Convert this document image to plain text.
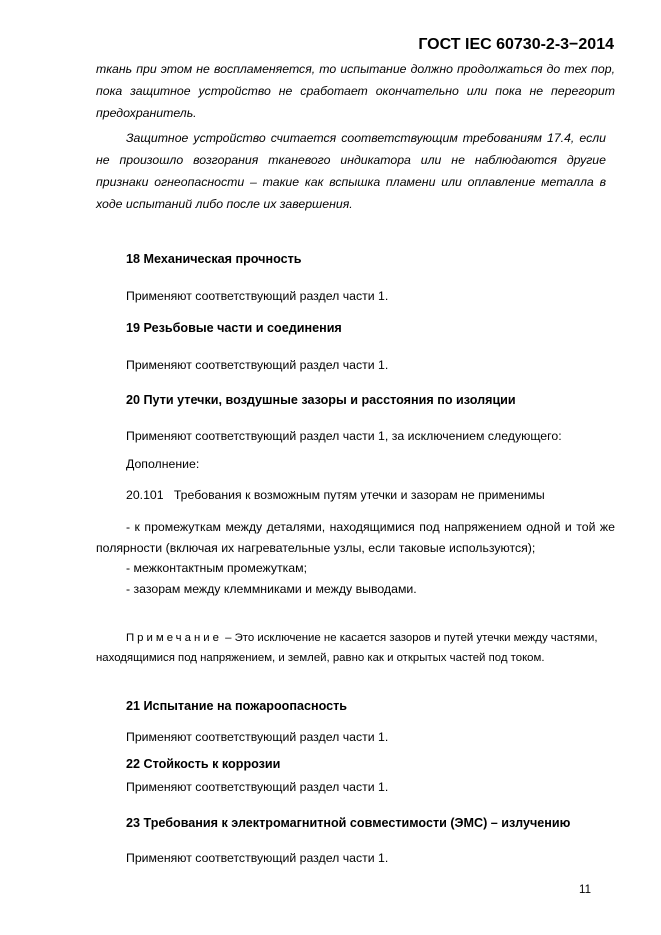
ГОСТ IEC 60730-2-3−2014
ткань при этом не воспламеняется, то испытание должно продолжаться до тех пор,
пока защитное устройство не сработает окончательно или пока не перегорит
предохранитель.
Защитное устройство считается соответствующим требованиям 17.4, если
не произошло возгорания тканевого индикатора или не наблюдаются другие
признаки огнеопасности – такие как вспышка пламени или оплавление металла в
ходе испытаний либо после их завершения.
18 Механическая прочность
Применяют соответствующий раздел части 1.
19 Резьбовые части и соединения
Применяют соответствующий раздел части 1.
20 Пути утечки, воздушные зазоры и расстояния по изоляции
Применяют соответствующий раздел части 1, за исключением следующего:
Дополнение:
20.101   Требования к возможным путям утечки и зазорам не применимы
- к промежуткам между деталями, находящимися под напряжением одной и той же
полярности (включая их нагревательные узлы, если таковые используются);
- межконтактным промежуткам;
- зазорам между клеммниками и между выводами.
Примечание – Это исключение не касается зазоров и путей утечки между частями,
находящимися под напряжением, и землей, равно как и открытых частей под током.
21 Испытание на пожароопасность
Применяют соответствующий раздел части 1.
22 Стойкость к коррозии
Применяют соответствующий раздел части 1.
23 Требования к электромагнитной совместимости (ЭМС) – излучению
Применяют соответствующий раздел части 1.
11
